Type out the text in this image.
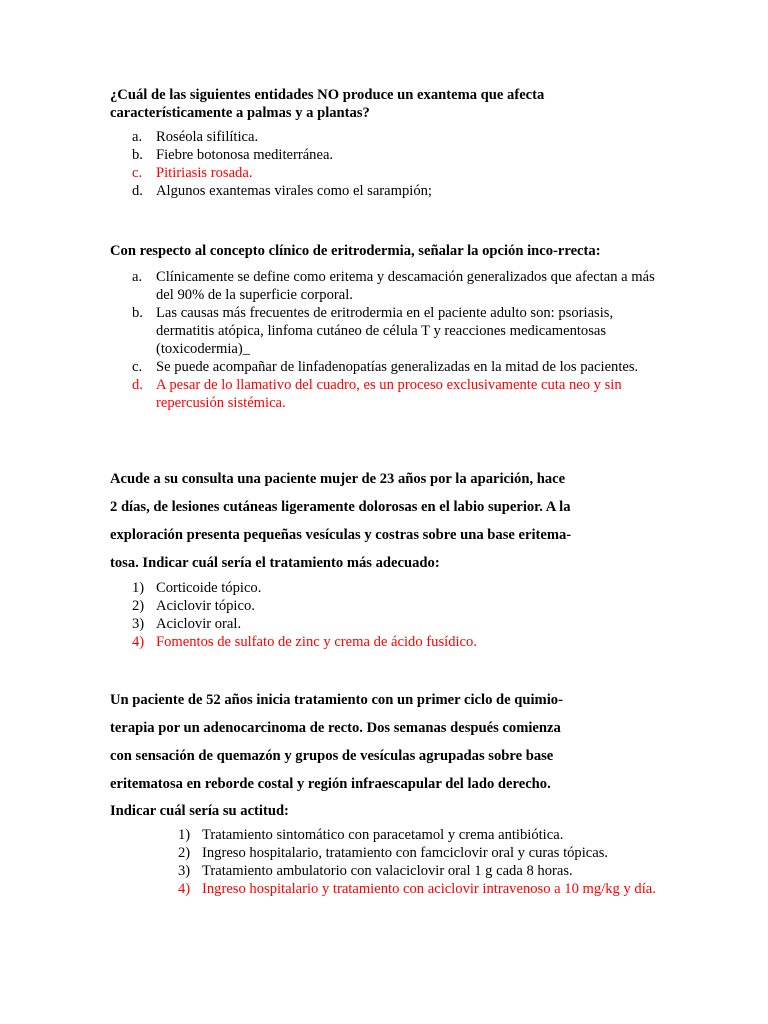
¿Cuál de las siguientes entidades NO produce un exantema que afecta característicamente a palmas y a plantas?

a. Roséola sifilítica.
b. Fiebre botonosa mediterránea.
c. Pitiriasis rosada.
d. Algunos exantemas virales como el sarampión;

Con respecto al concepto clínico de eritrodermia, señalar la opción inco-rrecta:

a. Clínicamente se define como eritema y descamación generalizados que afectan a más del 90% de la superficie corporal.
b. Las causas más frecuentes de eritrodermia en el paciente adulto son: psoriasis, dermatitis atópica, linfoma cutáneo de célula T y reacciones medicamentosas (toxicodermia)_
c. Se puede acompañar de linfadenopatías generalizadas en la mitad de los pacientes.
d. A pesar de lo llamativo del cuadro, es un proceso exclusivamente cuta neo y sin repercusión sistémica.

Acude a su consulta una paciente mujer de 23 años por la aparición, hace

2 días, de lesiones cutáneas ligeramente dolorosas en el labio superior. A la

exploración presenta pequeñas vesículas y costras sobre una base eritema-

tosa. Indicar cuál sería el tratamiento más adecuado:

1) Corticoide tópico.
2) Aciclovir tópico.
3) Aciclovir oral.
4) Fomentos de sulfato de zinc y crema de ácido fusídico.

Un paciente de 52 años inicia tratamiento con un primer ciclo de quimio-

terapia por un adenocarcinoma de recto. Dos semanas después comienza

con sensación de quemazón y grupos de vesículas agrupadas sobre base

eritematosa en reborde costal y región infraescapular del lado derecho.

Indicar cuál sería su actitud:

1) Tratamiento sintomático con paracetamol y crema antibiótica.
2) Ingreso hospitalario, tratamiento con famciclovir oral y curas tópicas.
3) Tratamiento ambulatorio con valaciclovir oral 1 g cada 8 horas.
4) Ingreso hospitalario y tratamiento con aciclovir intravenoso a 10 mg/kg y día.
